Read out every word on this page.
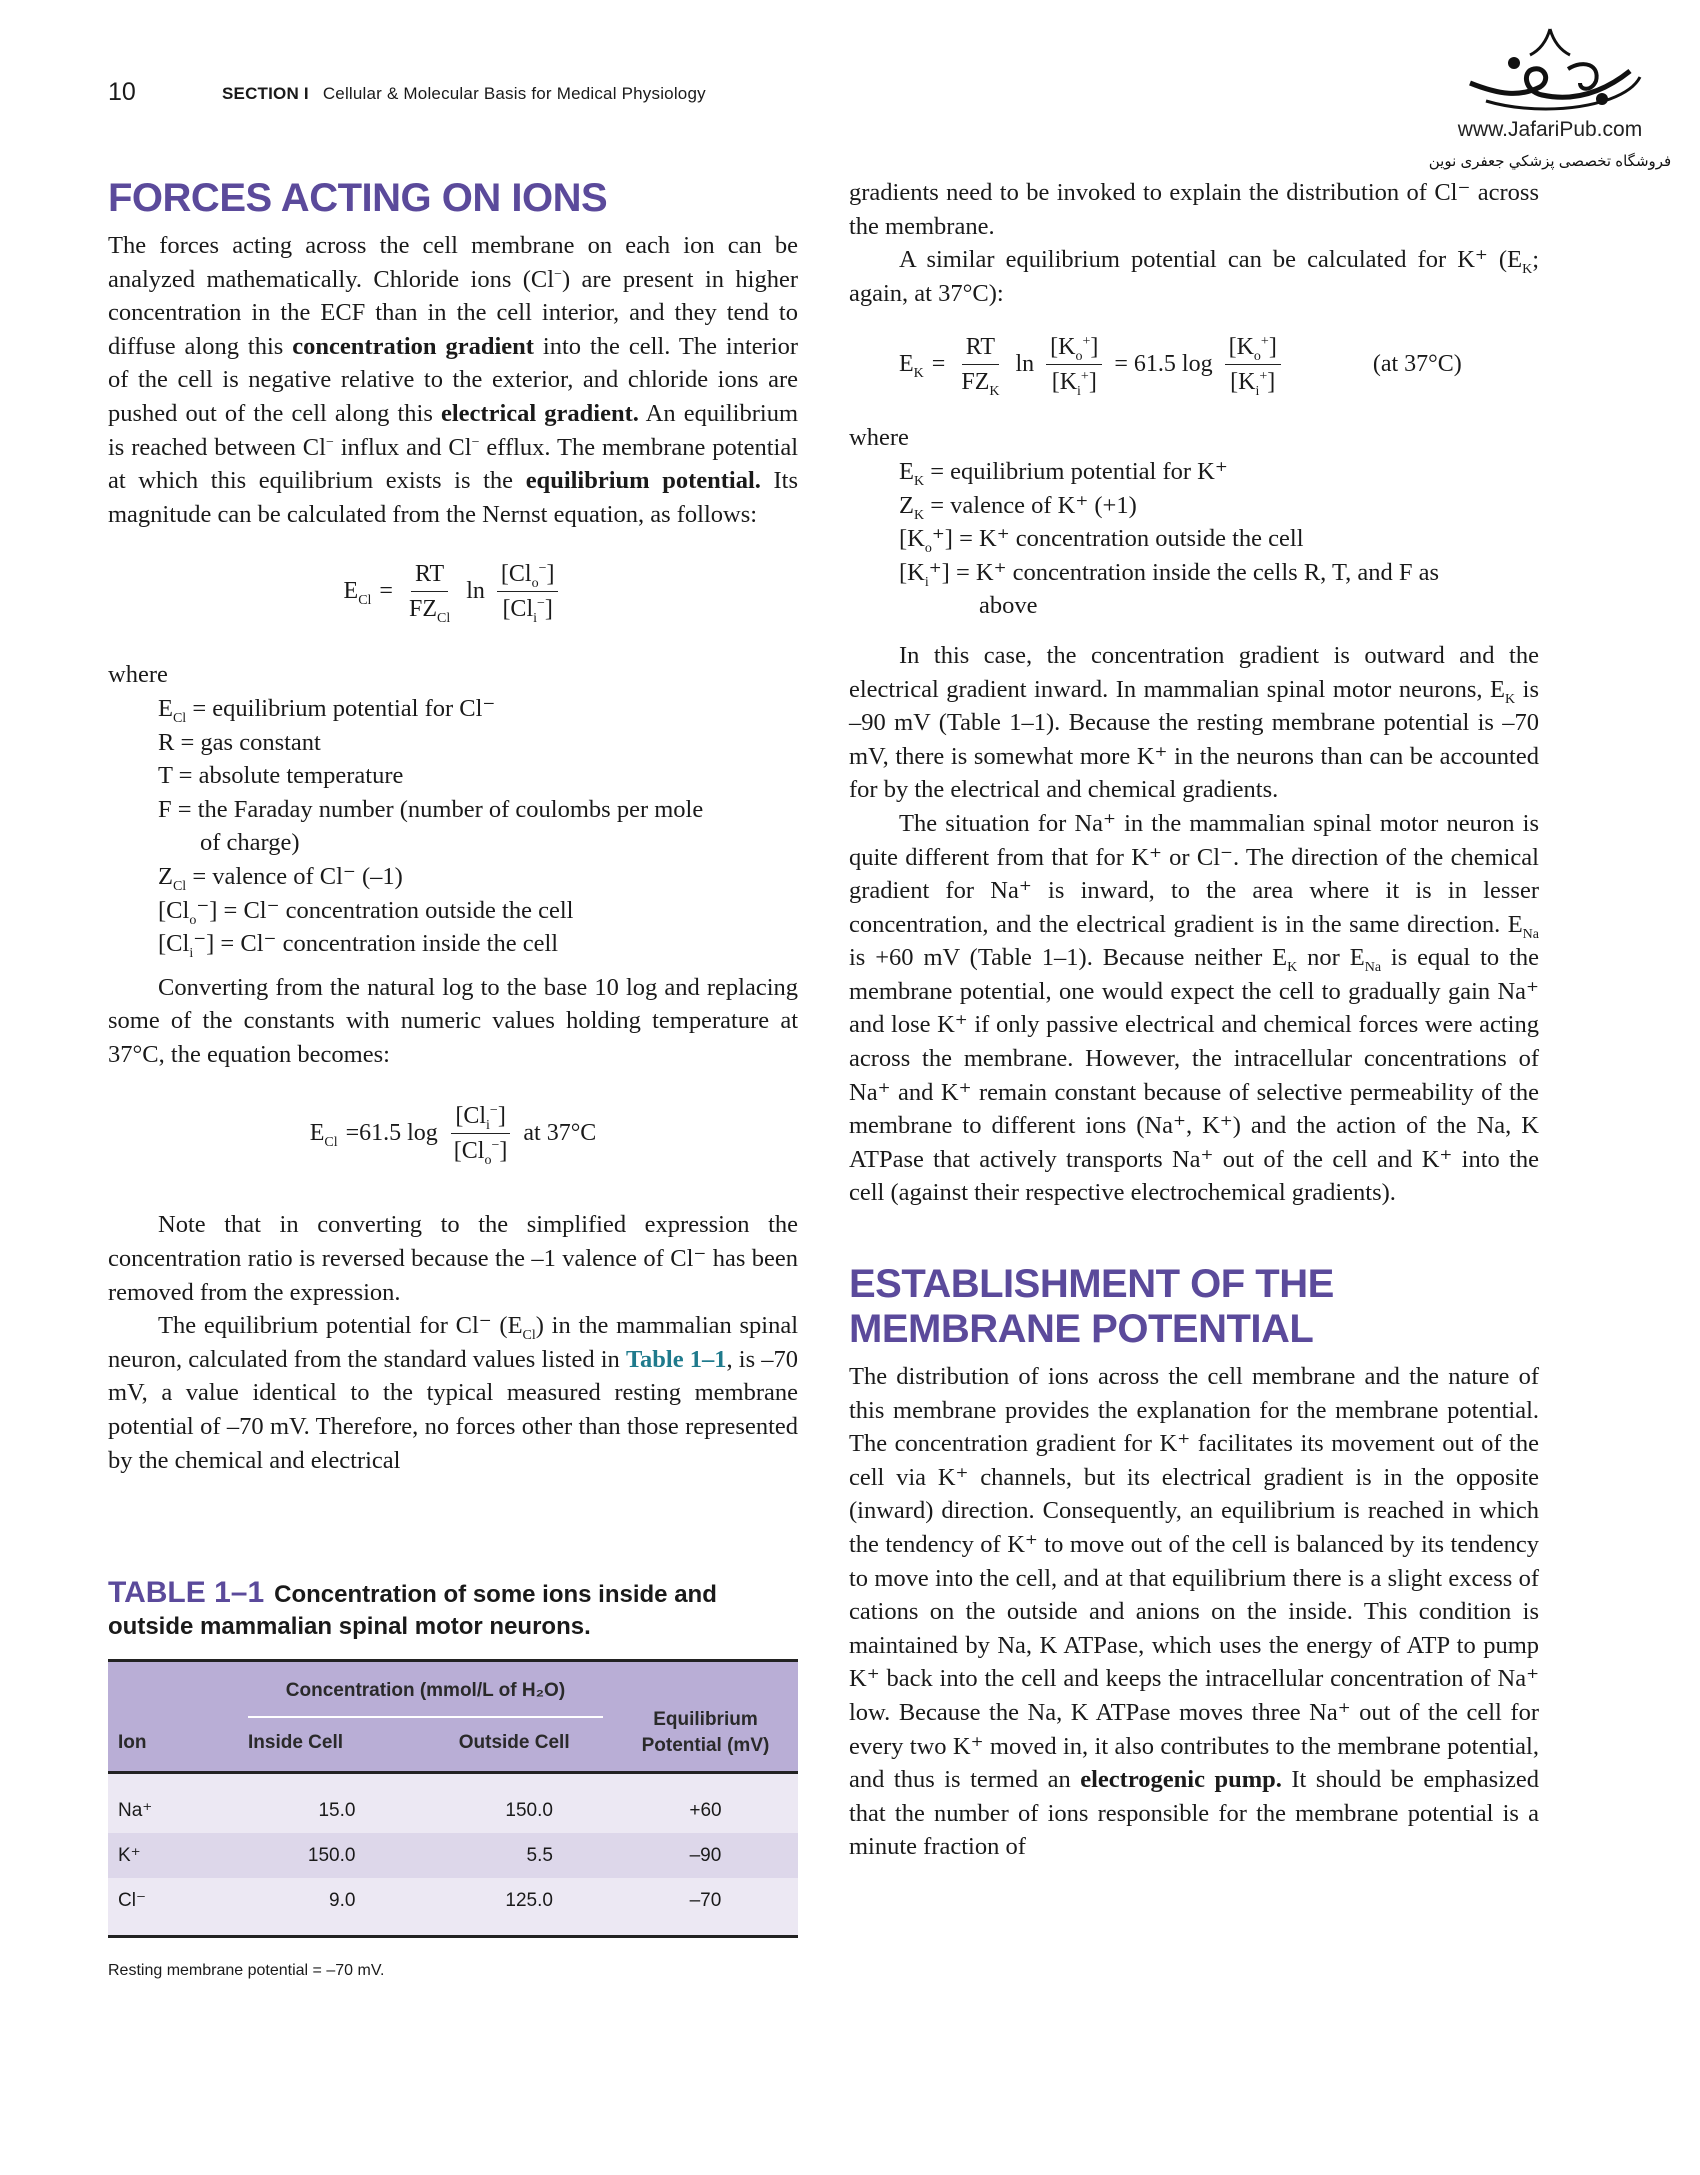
10	SECTION I Cellular & Molecular Basis for Medical Physiology
www.JafariPub.com
فروشگاه تخصصی پزشکي جعفری نوین
FORCES ACTING ON IONS

The forces acting across the cell membrane on each ion can be analyzed mathematically. Chloride ions (Cl−) are present in higher concentration in the ECF than in the cell interior, and they tend to diffuse along this concentration gradient into the cell. The interior of the cell is negative relative to the exterior, and chloride ions are pushed out of the cell along this electrical gradient. An equilibrium is reached between Cl− influx and Cl− efflux. The membrane potential at which this equilibrium exists is the equilibrium potential. Its magnitude can be calculated from the Nernst equation, as follows:

$E_{Cl} = \frac{RT}{FZ_{Cl}}$ $\ln \frac{[Cl_o^-]}{[Cl_i^-]}$
where
$E_{Cl}$ = equilibrium potential for Cl⁻
R = gas constant
T = absolute temperature
F = the Faraday number (number of coulombs per mole
of charge)
$Z_{Cl}$ = valence of Cl⁻ (–1)
$[Cl_o^-] = Cl^-$ concentration outside the cell
$[Cl_i^-] = Cl^-$ concentration inside the cell

Converting from the natural log to the base 10 log and replacing some of the constants with numeric values holding temperature at 37°C, the equation becomes:

$E_{Cl} =61.5$ $\log \frac{[Cl_i^-]}{[Cl_o^-]}$ at 37°C

Note that in converting to the simplified expression the concentration ratio is reversed because the –1 valence of Cl⁻ has been removed from the expression.

The equilibrium potential for Cl⁻ $(E_{Cl})$ in the mammalian spinal neuron, calculated from the standard values listed in Table 1–1, is –70 mV, a value identical to the typical measured resting membrane potential of –70 mV. Therefore, no forces other than those represented by the chemical and electrical

TABLE 1–1 Concentration of some ions inside and outside mammalian spinal motor neurons.
Ion	Concentration (mmol/L of H₂O)		Equilibrium
Potential (mV)
	Inside Cell	Outside Cell	

Na⁺	15.0	150.0	+60
K⁺	150.0	5.5	–90
Cl⁻	9.0	125.0	–70

Resting membrane potential = –70 mV.

gradients need to be invoked to explain the distribution of Cl⁻ across the membrane.

A similar equilibrium potential can be calculated for K⁺ ($E_K$; again, at 37°C):

$E_K = \frac{RT}{FZ_K}$ $\ln \frac{[K_o^+]}{[K_i^+]} = 61.5$ $\log \frac{[K_o^+]}{[K_i^+]}$	(at 37°C)
where
$E_K$ = equilibrium potential for K⁺
$Z_K$ = valence of K⁺ (+1)
$[K_o^+] = K^+$ concentration outside the cell
$[K_i^+] = K^+$ concentration inside the cells R, T, and F as
above

In this case, the concentration gradient is outward and the electrical gradient inward. In mammalian spinal motor neurons, $E_K$ is –90 mV (Table 1–1). Because the resting membrane potential is –70 mV, there is somewhat more K⁺ in the neurons than can be accounted for by the electrical and chemical gradients.

The situation for Na⁺ in the mammalian spinal motor neuron is quite different from that for K⁺ or Cl⁻. The direction of the chemical gradient for Na⁺ is inward, to the area where it is in lesser concentration, and the electrical gradient is in the same direction. $E_{Na}$ is +60 mV (Table 1–1). Because neither $E_K$ nor $E_{Na}$ is equal to the membrane potential, one would expect the cell to gradually gain Na⁺ and lose K⁺ if only passive electrical and chemical forces were acting across the membrane. However, the intracellular concentrations of Na⁺ and K⁺ remain constant because of selective permeability of the membrane to different ions (Na⁺, K⁺) and the action of the Na, K ATPase that actively transports Na⁺ out of the cell and K⁺ into the cell (against their respective electrochemical gradients).

ESTABLISHMENT OF THE MEMBRANE POTENTIAL

The distribution of ions across the cell membrane and the nature of this membrane provides the explanation for the membrane potential. The concentration gradient for K⁺ facilitates its movement out of the cell via K⁺ channels, but its electrical gradient is in the opposite (inward) direction. Consequently, an equilibrium is reached in which the tendency of K⁺ to move out of the cell is balanced by its tendency to move into the cell, and at that equilibrium there is a slight excess of cations on the outside and anions on the inside. This condition is maintained by Na, K ATPase, which uses the energy of ATP to pump K⁺ back into the cell and keeps the intracellular concentration of Na⁺ low. Because the Na, K ATPase moves three Na⁺ out of the cell for every two K⁺ moved in, it also contributes to the membrane potential, and thus is termed an electrogenic pump. It should be emphasized that the number of ions responsible for the membrane potential is a minute fraction of
